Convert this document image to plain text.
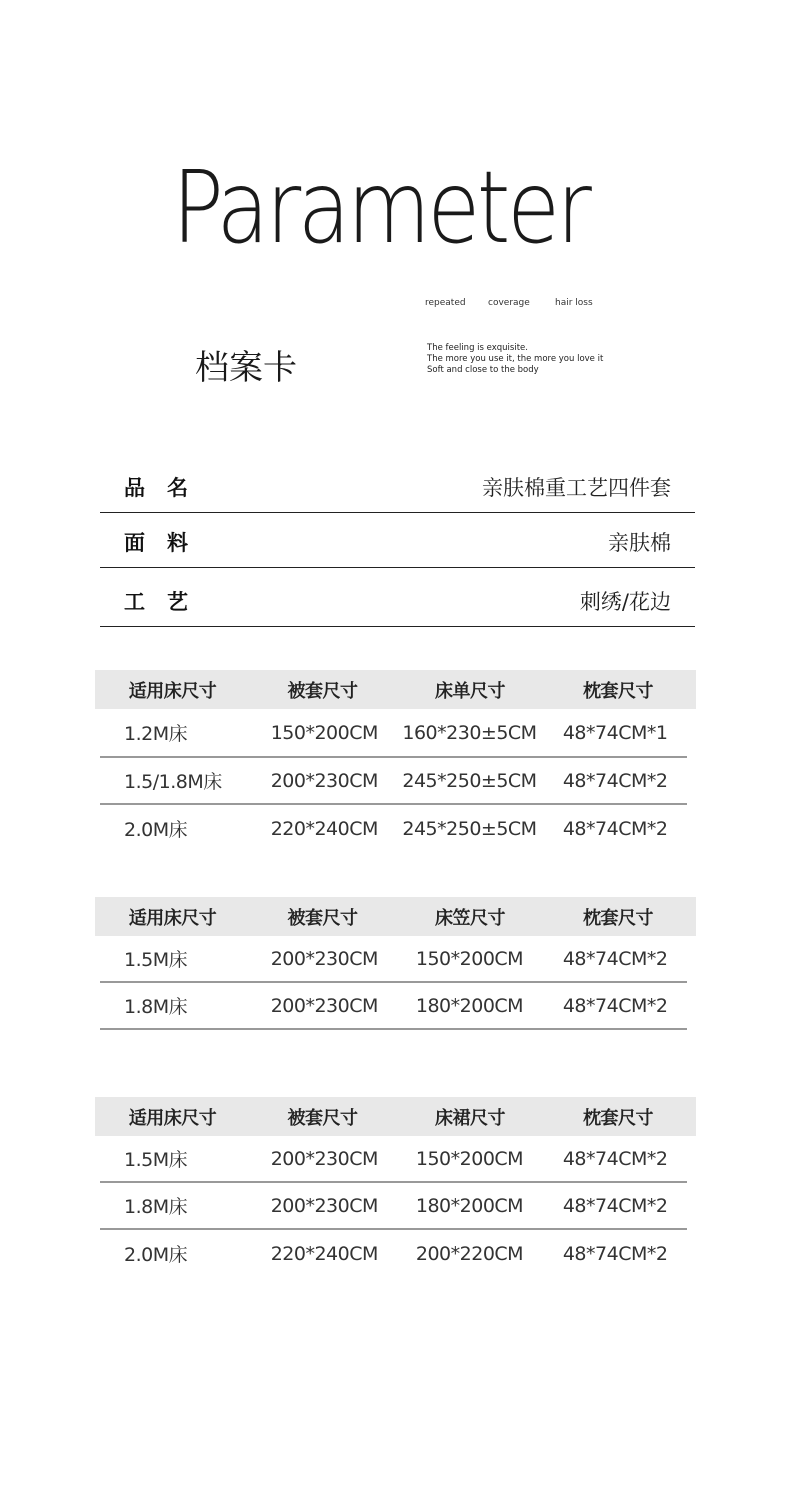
Parameter
repeated	coverage	hair loss
档案卡	The feeling is exquisite.
The more you use it, the more you love it
Soft and close to the body
品名	亲肤棉重工艺四件套
面料	亲肤棉
工艺	刺绣/花边
适用床尺寸	被套尺寸	床单尺寸	枕套尺寸
1.2M床	150*200CM	160*230±5CM	48*74CM*1
1.5/1.8M床	200*230CM	245*250±5CM	48*74CM*2
2.0M床	220*240CM	245*250±5CM	48*74CM*2
适用床尺寸	被套尺寸	床笠尺寸	枕套尺寸
1.5M床	200*230CM	150*200CM	48*74CM*2
1.8M床	200*230CM	180*200CM	48*74CM*2
适用床尺寸	被套尺寸	床裙尺寸	枕套尺寸
1.5M床	200*230CM	150*200CM	48*74CM*2
1.8M床	200*230CM	180*200CM	48*74CM*2
2.0M床	220*240CM	200*220CM	48*74CM*2
